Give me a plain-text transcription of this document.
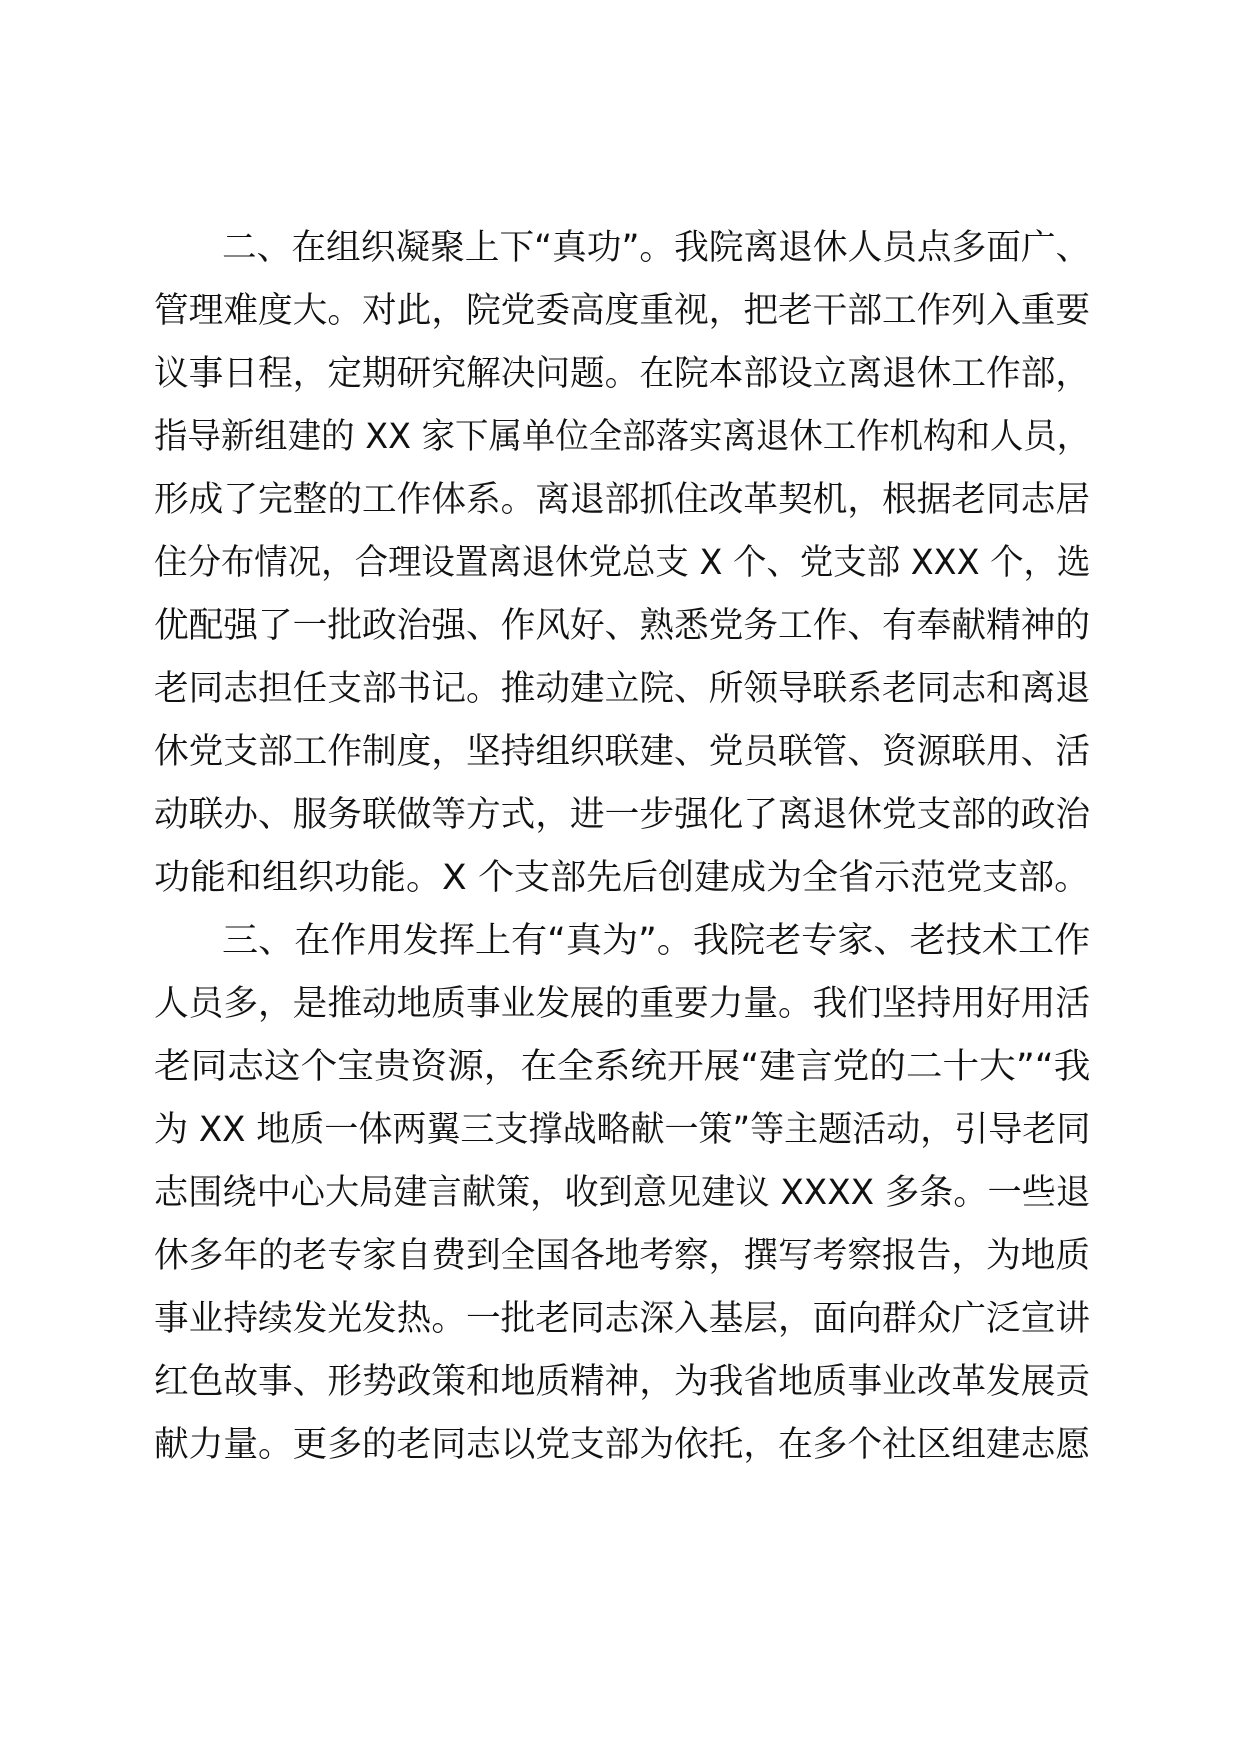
二、在组织凝聚上下“真功”。我院离退休人员点多面广、
管理难度大。对此，院党委高度重视，把老干部工作列入重要
议事日程，定期研究解决问题。在院本部设立离退休工作部，
指导新组建的 XX 家下属单位全部落实离退休工作机构和人员，
形成了完整的工作体系。离退部抓住改革契机，根据老同志居
住分布情况，合理设置离退休党总支 X 个、党支部 XXX 个，选
优配强了一批政治强、作风好、熟悉党务工作、有奉献精神的
老同志担任支部书记。推动建立院、所领导联系老同志和离退
休党支部工作制度，坚持组织联建、党员联管、资源联用、活
动联办、服务联做等方式，进一步强化了离退休党支部的政治
功能和组织功能。X 个支部先后创建成为全省示范党支部。
三、在作用发挥上有“真为”。我院老专家、老技术工作
人员多，是推动地质事业发展的重要力量。我们坚持用好用活
老同志这个宝贵资源，在全系统开展“建言党的二十大”“我
为 XX 地质一体两翼三支撑战略献一策”等主题活动，引导老同
志围绕中心大局建言献策，收到意见建议 XXXX 多条。一些退
休多年的老专家自费到全国各地考察，撰写考察报告，为地质
事业持续发光发热。一批老同志深入基层，面向群众广泛宣讲
红色故事、形势政策和地质精神，为我省地质事业改革发展贡
献力量。更多的老同志以党支部为依托，在多个社区组建志愿
